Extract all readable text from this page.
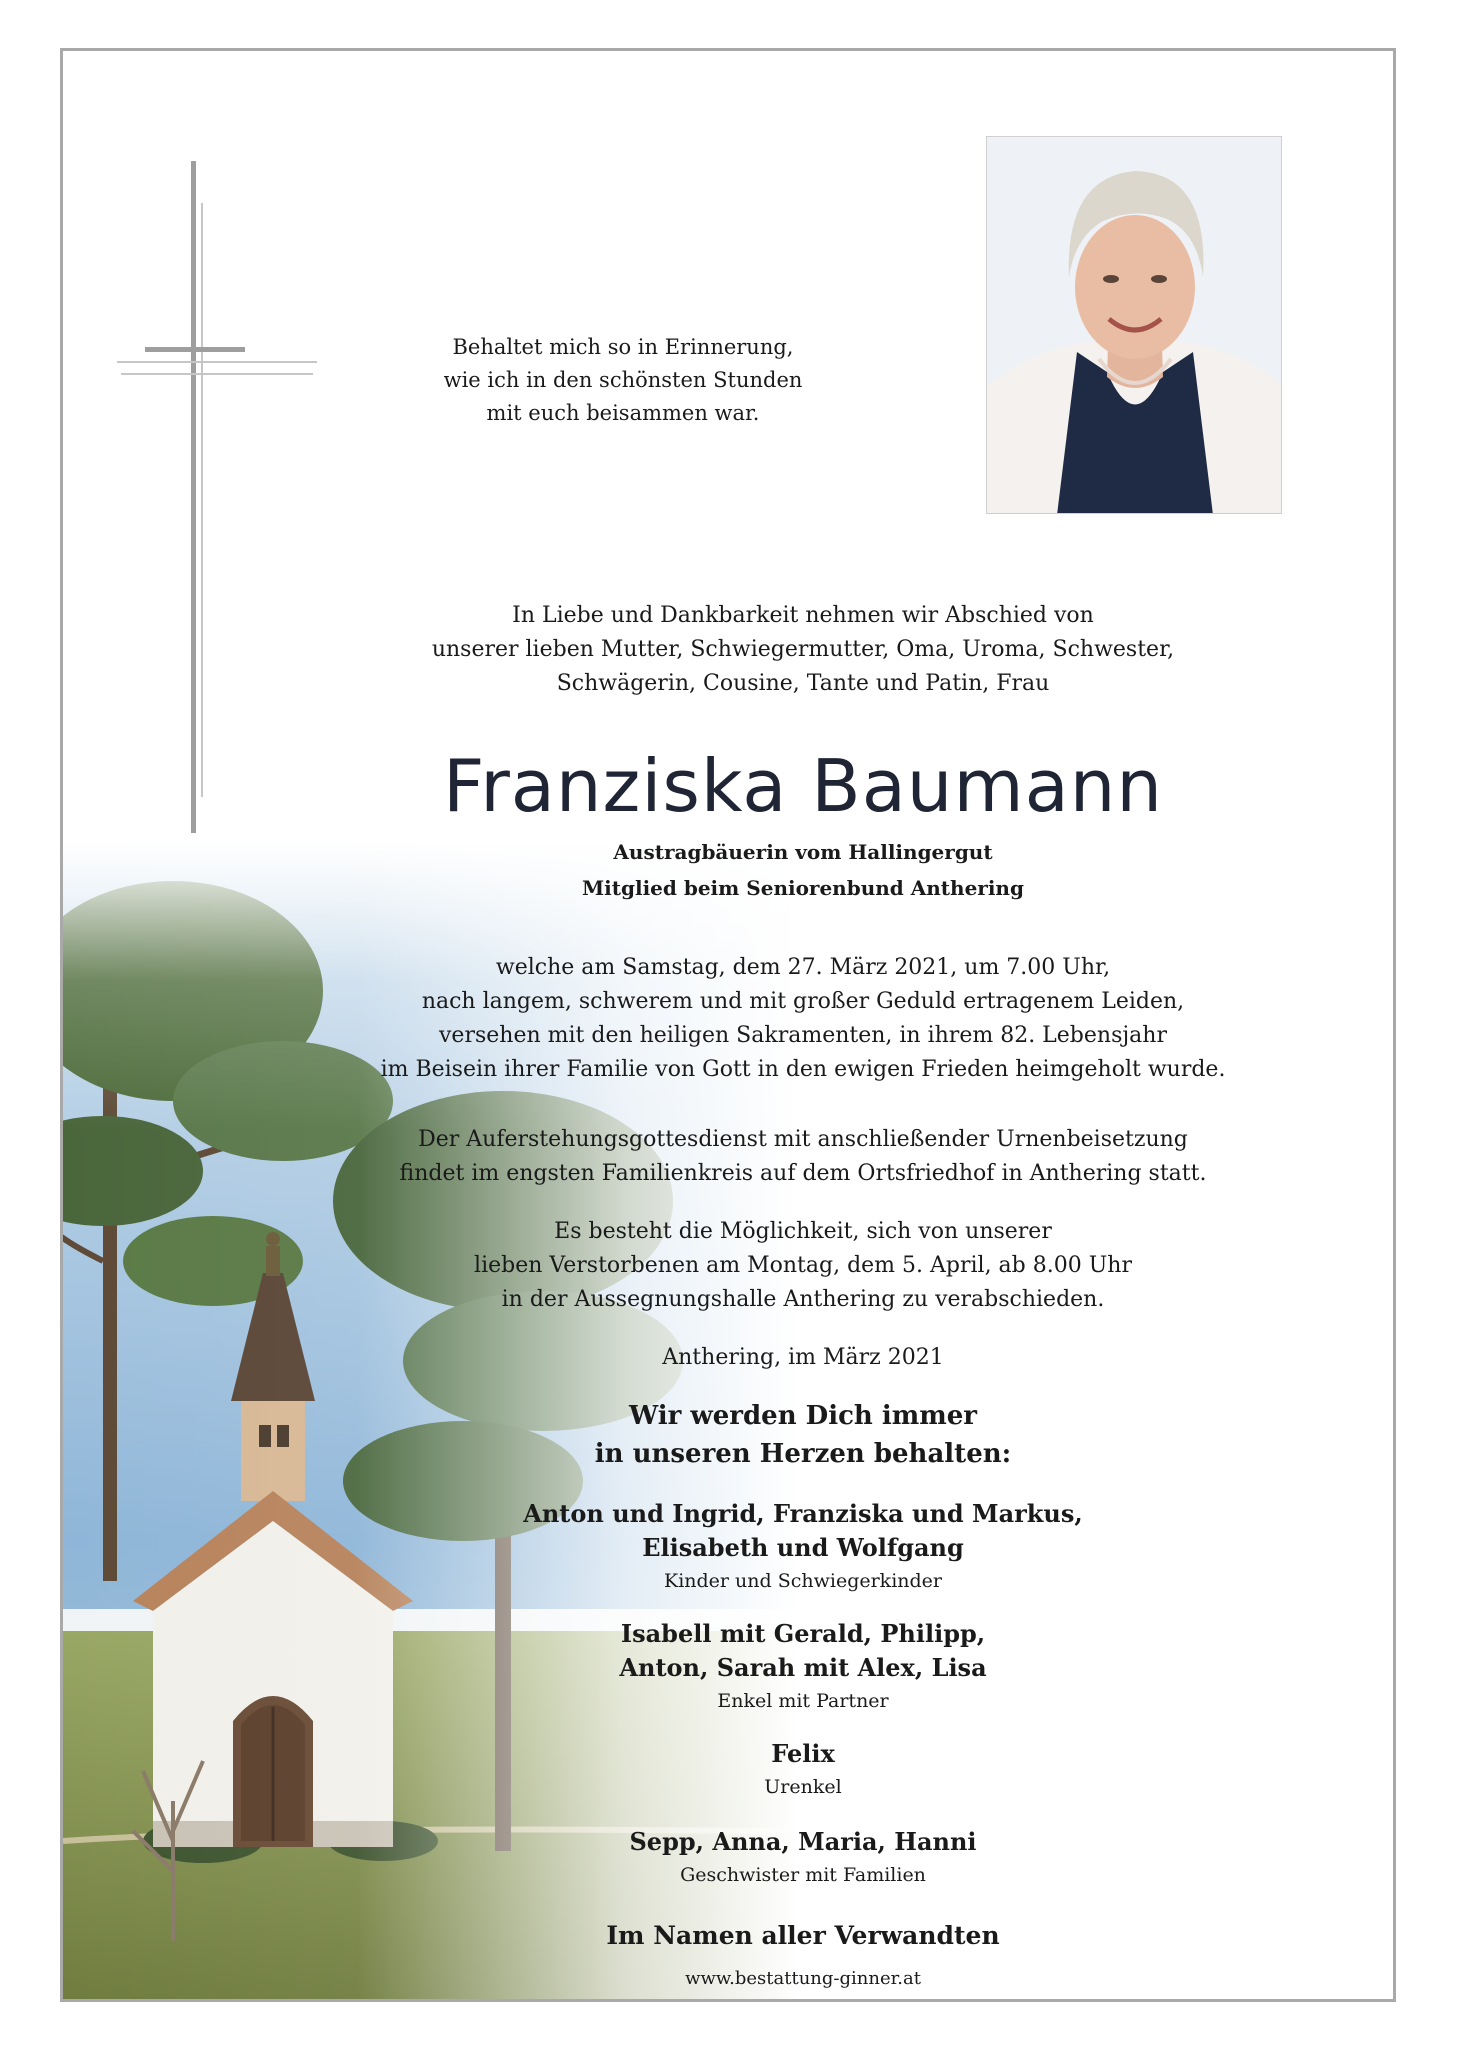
Behaltet mich so in Erinnerung,
wie ich in den schönsten Stunden
mit euch beisammen war.
In Liebe und Dankbarkeit nehmen wir Abschied von
unserer lieben Mutter, Schwiegermutter, Oma, Uroma, Schwester,
Schwägerin, Cousine, Tante und Patin, Frau
Franziska Baumann
Austragbäuerin vom Hallingergut
Mitglied beim Seniorenbund Anthering
welche am Samstag, dem 27. März 2021, um 7.00 Uhr,
nach langem, schwerem und mit großer Geduld ertragenem Leiden,
versehen mit den heiligen Sakramenten, in ihrem 82. Lebensjahr
im Beisein ihrer Familie von Gott in den ewigen Frieden heimgeholt wurde.
Der Auferstehungsgottesdienst mit anschließender Urnenbeisetzung
findet im engsten Familienkreis auf dem Ortsfriedhof in Anthering statt.
Es besteht die Möglichkeit, sich von unserer
lieben Verstorbenen am Montag, dem 5. April, ab 8.00 Uhr
in der Aussegnungshalle Anthering zu verabschieden.
Anthering, im März 2021
Wir werden Dich immer
in unseren Herzen behalten:
Anton und Ingrid, Franziska und Markus,
Elisabeth und Wolfgang
Kinder und Schwiegerkinder
Isabell mit Gerald, Philipp,
Anton, Sarah mit Alex, Lisa
Enkel mit Partner
Felix
Urenkel
Sepp, Anna, Maria, Hanni
Geschwister mit Familien
Im Namen aller Verwandten
www.bestattung-ginner.at
